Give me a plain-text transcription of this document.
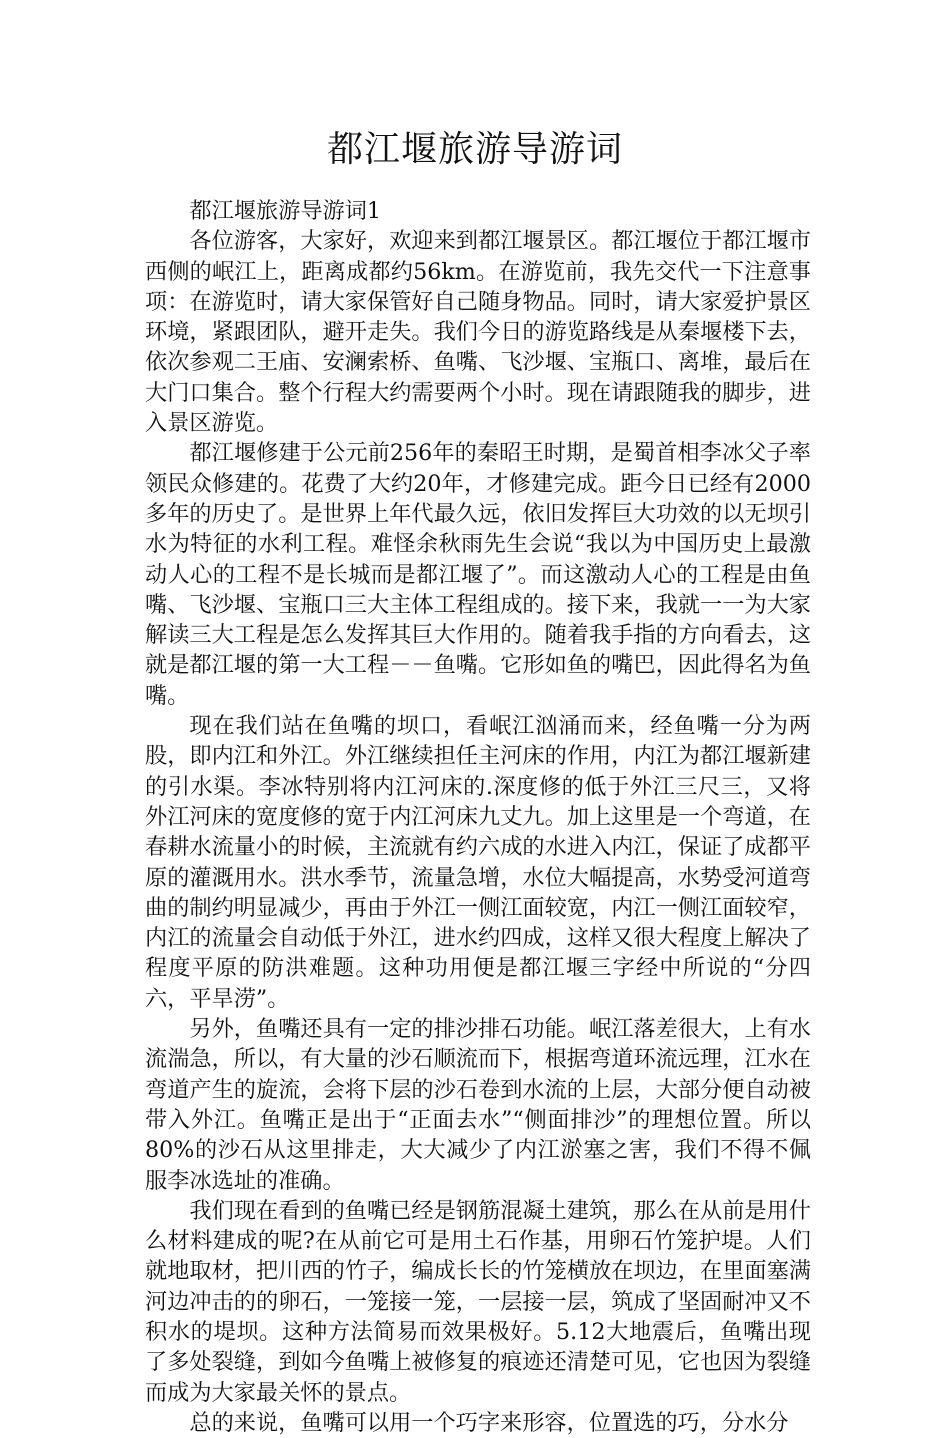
都江堰旅游导游词

都江堰旅游导游词1

各位游客，大家好，欢迎来到都江堰景区。都江堰位于都江堰市西侧的岷江上，距离成都约56km。在游览前，我先交代一下注意事项：在游览时，请大家保管好自己随身物品。同时，请大家爱护景区环境，紧跟团队，避开走失。我们今日的游览路线是从秦堰楼下去，依次参观二王庙、安澜索桥、鱼嘴、飞沙堰、宝瓶口、离堆，最后在大门口集合。整个行程大约需要两个小时。现在请跟随我的脚步，进入景区游览。

都江堰修建于公元前256年的秦昭王时期，是蜀首相李冰父子率领民众修建的。花费了大约20年，才修建完成。距今日已经有2000多年的历史了。是世界上年代最久远，依旧发挥巨大功效的以无坝引水为特征的水利工程。难怪余秋雨先生会说“我以为中国历史上最激动人心的工程不是长城而是都江堰了”。而这激动人心的工程是由鱼嘴、飞沙堰、宝瓶口三大主体工程组成的。接下来，我就一一为大家解读三大工程是怎么发挥其巨大作用的。随着我手指的方向看去，这就是都江堰的第一大工程－－鱼嘴。它形如鱼的嘴巴，因此得名为鱼嘴。

现在我们站在鱼嘴的坝口，看岷江汹涌而来，经鱼嘴一分为两股，即内江和外江。外江继续担任主河床的作用，内江为都江堰新建的引水渠。李冰特别将内江河床的.深度修的低于外江三尺三，又将外江河床的宽度修的宽于内江河床九丈九。加上这里是一个弯道，在春耕水流量小的时候，主流就有约六成的水进入内江，保证了成都平原的灌溉用水。洪水季节，流量急增，水位大幅提高，水势受河道弯曲的制约明显减少，再由于外江一侧江面较宽，内江一侧江面较窄，内江的流量会自动低于外江，进水约四成，这样又很大程度上解决了程度平原的防洪难题。这种功用便是都江堰三字经中所说的“分四六，平旱涝”。

另外，鱼嘴还具有一定的排沙排石功能。岷江落差很大，上有水流湍急，所以，有大量的沙石顺流而下，根据弯道环流远理，江水在弯道产生的旋流，会将下层的沙石卷到水流的上层，大部分便自动被带入外江。鱼嘴正是出于“正面去水”“侧面排沙”的理想位置。所以80%的沙石从这里排走，大大减少了内江淤塞之害，我们不得不佩服李冰选址的准确。

我们现在看到的鱼嘴已经是钢筋混凝土建筑，那么在从前是用什么材料建成的呢?在从前它可是用土石作基，用卵石竹笼护堤。人们就地取材，把川西的竹子，编成长长的竹笼横放在坝边，在里面塞满河边冲击的的卵石，一笼接一笼，一层接一层，筑成了坚固耐冲又不积水的堤坝。这种方法简易而效果极好。5.12大地震后，鱼嘴出现了多处裂缝，到如今鱼嘴上被修复的痕迹还清楚可见，它也因为裂缝而成为大家最关怀的景点。

总的来说，鱼嘴可以用一个巧字来形容，位置选的巧，分水分
